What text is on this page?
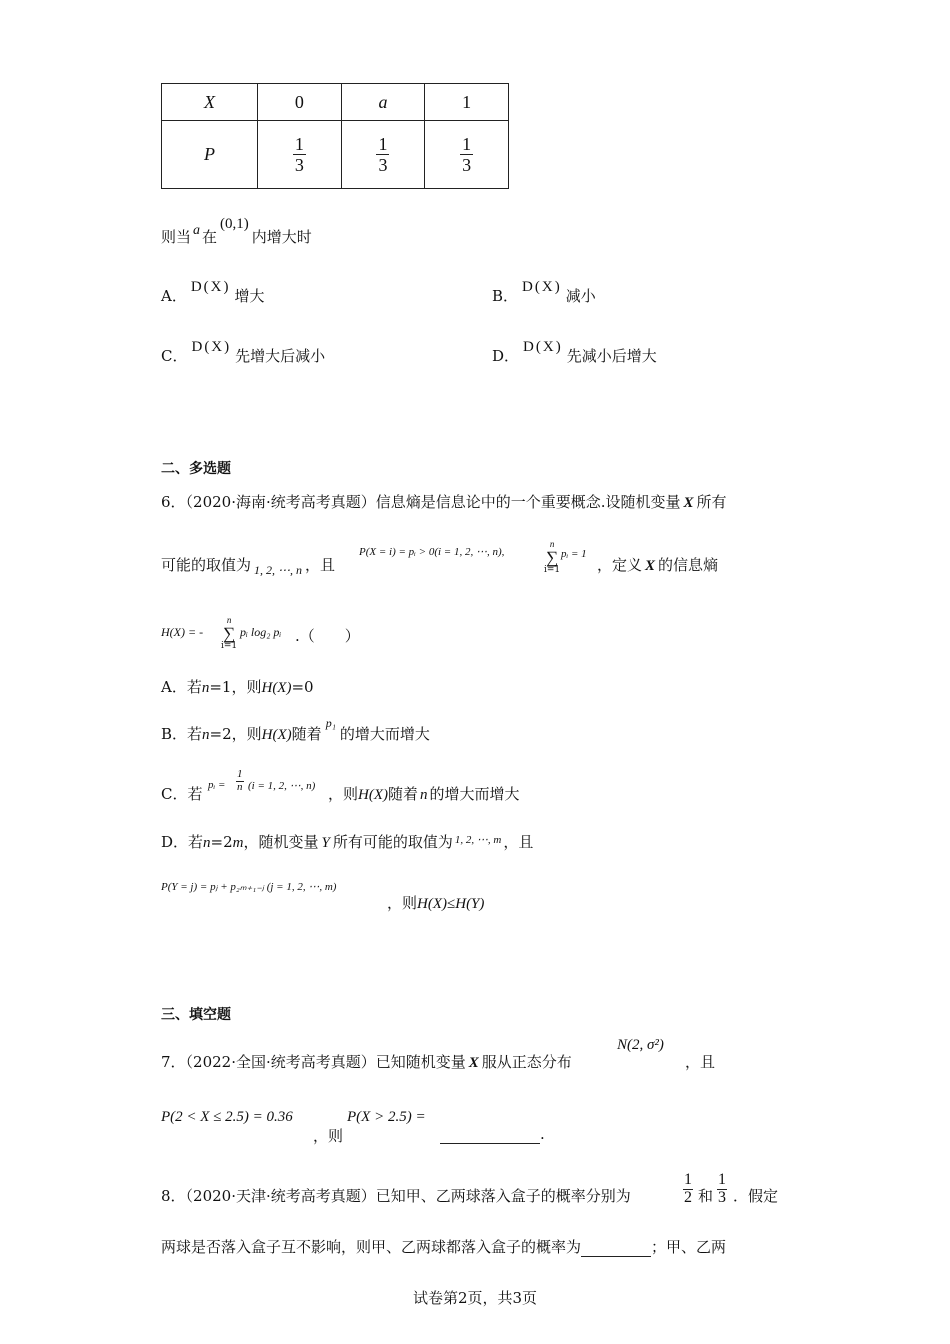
X	0	a	1
P	$\frac{1}{3}$	$\frac{1}{3}$	$\frac{1}{3}$
则当 a 在(0,1)内增大时
A． D(X) 增大	B． D(X) 减小
C． D(X) 先增大后减小	D． D(X) 先减小后增大
二、多选题
6．（2020·海南·统考高考真题）信息熵是信息论中的一个重要概念.设随机变量 X 所有
可能的取值为 $_{1, 2, \cdots, n}$ ，且
P(X = i) = pᵢ > 0(i = 1, 2, ⋯, n),
n
∑
i=1
pᵢ = 1
，定义 X 的信息熵
H(X) = -
n
∑
i=1
pᵢ log₂ pᵢ .（　　）
A．若n=1，则H(X)=0
B．若n=2，则H(X)随着$^{p_1}$的增大而增大
C．若 pᵢ = $\frac{1}{n} (i = 1$, 2, ⋯, n) ，则H(X)随着 n 的增大而增大
D．若n=2m，随机变量 Y 所有可能的取值为 $^{1, 2, \cdots, m}$ ，且
P(Y = j) = pⱼ + p₂ₘ₊₁₋ⱼ (j = 1, 2, ⋯, m)
，则H(X)≤H(Y)
三、填空题
7．（2022·全国·统考高考真题）已知随机变量 X 服从正态分布
N(2, σ²)
，且
P(2 < X ≤ 2.5) = 0.36
，则
P(X > 2.5) =
.
8．（2020·天津·统考高考真题）已知甲、乙两球落入盒子的概率分别为	$\frac{1}{2}$ 和 $\frac{1}{3}$ ．假定
两球是否落入盒子互不影响，则甲、乙两球都落入盒子的概率为	；甲、乙两
试卷第2页，共3页
